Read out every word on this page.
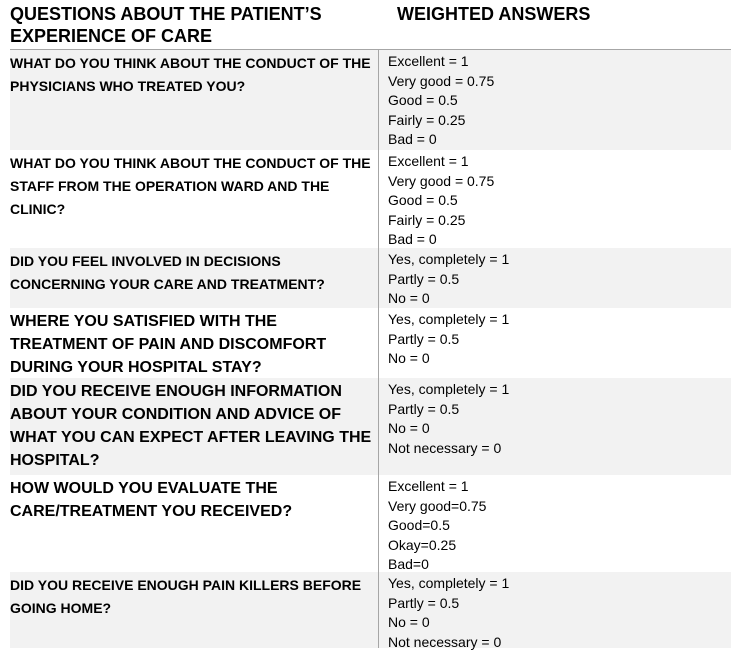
QUESTIONS ABOUT THE PATIENT’S EXPERIENCE OF CARE
WEIGHTED ANSWERS
WHAT DO YOU THINK ABOUT THE CONDUCT OF THE PHYSICIANS WHO TREATED YOU?
Excellent = 1
Very good = 0.75
Good = 0.5
Fairly = 0.25
Bad = 0
WHAT DO YOU THINK ABOUT THE CONDUCT OF THE STAFF FROM THE OPERATION WARD AND THE CLINIC?
Excellent = 1
Very good = 0.75
Good = 0.5
Fairly = 0.25
Bad = 0
DID YOU FEEL INVOLVED IN DECISIONS CONCERNING YOUR CARE AND TREATMENT?
Yes, completely = 1
Partly = 0.5
No = 0
WHERE YOU SATISFIED WITH THE TREATMENT OF PAIN AND DISCOMFORT DURING YOUR HOSPITAL STAY?
Yes, completely = 1
Partly = 0.5
No = 0
DID YOU RECEIVE ENOUGH INFORMATION ABOUT YOUR CONDITION AND ADVICE OF WHAT YOU CAN EXPECT AFTER LEAVING THE HOSPITAL?
Yes, completely = 1
Partly = 0.5
No = 0
Not necessary = 0
HOW WOULD YOU EVALUATE THE CARE/TREATMENT YOU RECEIVED?
Excellent = 1
Very good=0.75
Good=0.5
Okay=0.25
Bad=0
DID YOU RECEIVE ENOUGH PAIN KILLERS BEFORE GOING HOME?
Yes, completely = 1
Partly = 0.5
No = 0
Not necessary = 0
